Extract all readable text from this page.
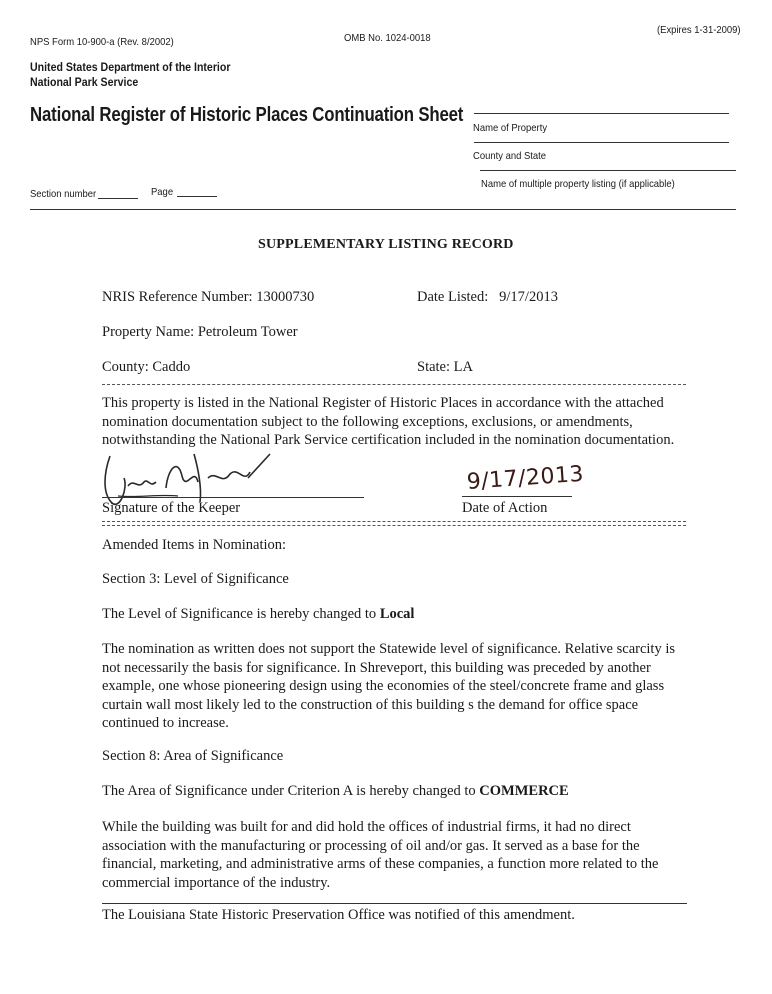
NPS Form 10-900-a (Rev. 8/2002)	OMB No. 1024-0018
(Expires 1-31-2009)
United States Department of the Interior
National Park Service
National Register of Historic Places Continuation Sheet
Name of Property
County and State
Name of multiple property listing (if applicable)
Section number	Page
SUPPLEMENTARY LISTING RECORD
NRIS Reference Number: 13000730	Date Listed: 9/17/2013
Property Name: Petroleum Tower
County: Caddo	State: LA
This property is listed in the National Register of Historic Places in accordance with the attached nomination documentation subject to the following exceptions, exclusions, or amendments, notwithstanding the National Park Service certification included in the nomination documentation.
Signature of the Keeper
9/17/2013
Date of Action
Amended Items in Nomination:
Section 3: Level of Significance
The Level of Significance is hereby changed to Local
The nomination as written does not support the Statewide level of significance. Relative scarcity is not necessarily the basis for significance. In Shreveport, this building was preceded by another example, one whose pioneering design using the economies of the steel/concrete frame and glass curtain wall most likely led to the construction of this building s the demand for office space continued to increase.
Section 8: Area of Significance
The Area of Significance under Criterion A is hereby changed to COMMERCE
While the building was built for and did hold the offices of industrial firms, it had no direct association with the manufacturing or processing of oil and/or gas. It served as a base for the financial, marketing, and administrative arms of these companies, a function more related to the commercial importance of the industry.
The Louisiana State Historic Preservation Office was notified of this amendment.
